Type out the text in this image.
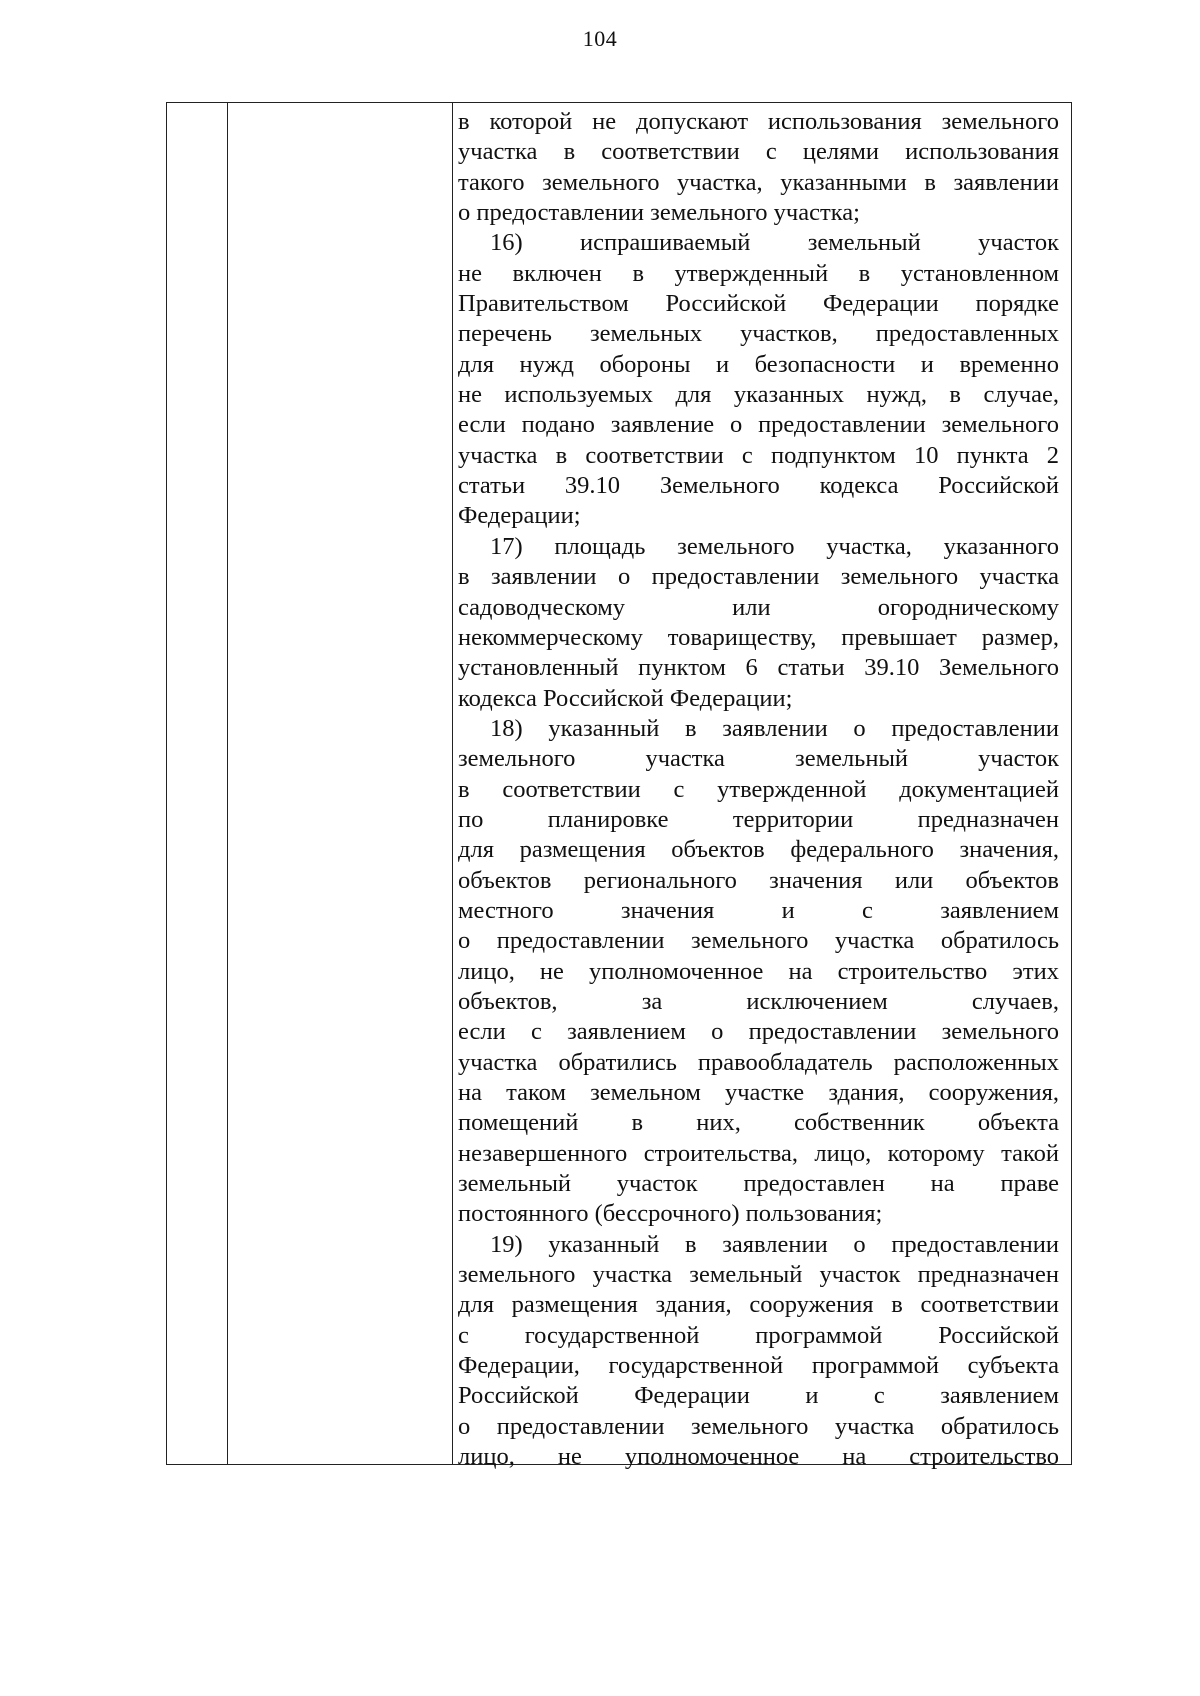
104
в которой не допускают использования земельного
участка в соответствии с целями использования
такого земельного участка, указанными в заявлении
о предоставлении земельного участка;
16) испрашиваемый земельный участок
не включен в утвержденный в установленном
Правительством Российской Федерации порядке
перечень земельных участков, предоставленных
для нужд обороны и безопасности и временно
не используемых для указанных нужд, в случае,
если подано заявление о предоставлении земельного
участка в соответствии с подпунктом 10 пункта 2
статьи 39.10 Земельного кодекса Российской
Федерации;
17) площадь земельного участка, указанного
в заявлении о предоставлении земельного участка
садоводческому или огородническому
некоммерческому товариществу, превышает размер,
установленный пунктом 6 статьи 39.10 Земельного
кодекса Российской Федерации;
18) указанный в заявлении о предоставлении
земельного участка земельный участок
в соответствии с утвержденной документацией
по планировке территории предназначен
для размещения объектов федерального значения,
объектов регионального значения или объектов
местного значения и с заявлением
о предоставлении земельного участка обратилось
лицо, не уполномоченное на строительство этих
объектов, за исключением случаев,
если с заявлением о предоставлении земельного
участка обратились правообладатель расположенных
на таком земельном участке здания, сооружения,
помещений в них, собственник объекта
незавершенного строительства, лицо, которому такой
земельный участок предоставлен на праве
постоянного (бессрочного) пользования;
19) указанный в заявлении о предоставлении
земельного участка земельный участок предназначен
для размещения здания, сооружения в соответствии
с государственной программой Российской
Федерации, государственной программой субъекта
Российской Федерации и с заявлением
о предоставлении земельного участка обратилось
лицо, не уполномоченное на строительство
